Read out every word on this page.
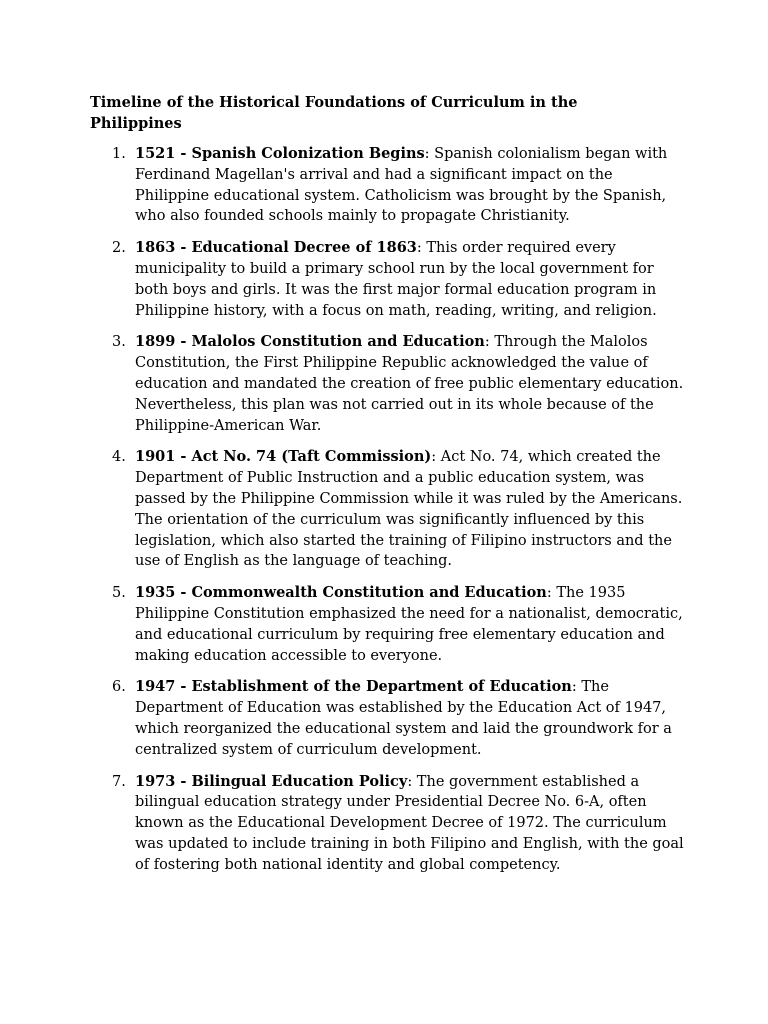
Timeline of the Historical Foundations of Curriculum in the Philippines
1. 1521 - Spanish Colonization Begins: Spanish colonialism began with Ferdinand Magellan's arrival and had a significant impact on the Philippine educational system. Catholicism was brought by the Spanish, who also founded schools mainly to propagate Christianity.
2. 1863 - Educational Decree of 1863: This order required every municipality to build a primary school run by the local government for both boys and girls. It was the first major formal education program in Philippine history, with a focus on math, reading, writing, and religion.
3. 1899 - Malolos Constitution and Education: Through the Malolos Constitution, the First Philippine Republic acknowledged the value of education and mandated the creation of free public elementary education. Nevertheless, this plan was not carried out in its whole because of the Philippine-American War.
4. 1901 - Act No. 74 (Taft Commission): Act No. 74, which created the Department of Public Instruction and a public education system, was passed by the Philippine Commission while it was ruled by the Americans. The orientation of the curriculum was significantly influenced by this legislation, which also started the training of Filipino instructors and the use of English as the language of teaching.
5. 1935 - Commonwealth Constitution and Education: The 1935 Philippine Constitution emphasized the need for a nationalist, democratic, and educational curriculum by requiring free elementary education and making education accessible to everyone.
6. 1947 - Establishment of the Department of Education: The Department of Education was established by the Education Act of 1947, which reorganized the educational system and laid the groundwork for a centralized system of curriculum development.
7. 1973 - Bilingual Education Policy: The government established a bilingual education strategy under Presidential Decree No. 6-A, often known as the Educational Development Decree of 1972. The curriculum was updated to include training in both Filipino and English, with the goal of fostering both national identity and global competency.
